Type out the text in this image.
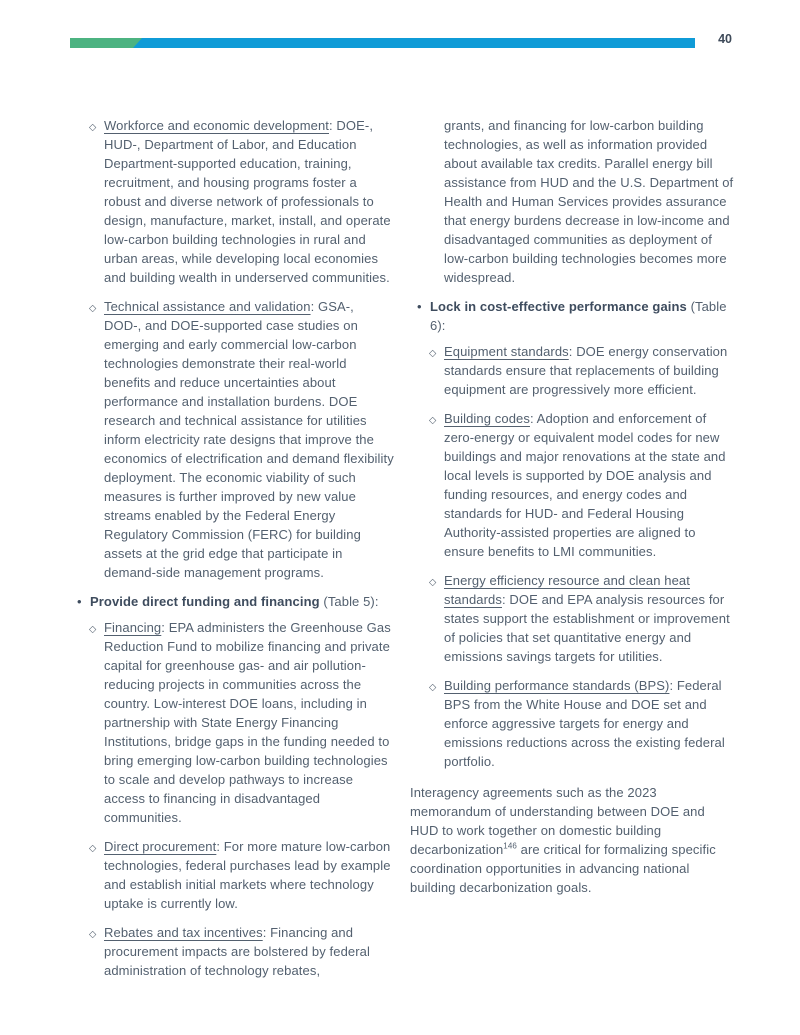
40
◇ Workforce and economic development: DOE-, HUD-, Department of Labor, and Education Department-supported education, training, recruitment, and housing programs foster a robust and diverse network of professionals to design, manufacture, market, install, and operate low-carbon building technologies in rural and urban areas, while developing local economies and building wealth in underserved communities.
◇ Technical assistance and validation: GSA-, DOD-, and DOE-supported case studies on emerging and early commercial low-carbon technologies demonstrate their real-world benefits and reduce uncertainties about performance and installation burdens. DOE research and technical assistance for utilities inform electricity rate designs that improve the economics of electrification and demand flexibility deployment. The economic viability of such measures is further improved by new value streams enabled by the Federal Energy Regulatory Commission (FERC) for building assets at the grid edge that participate in demand-side management programs.
• Provide direct funding and financing (Table 5):
◇ Financing: EPA administers the Greenhouse Gas Reduction Fund to mobilize financing and private capital for greenhouse gas- and air pollution-reducing projects in communities across the country. Low-interest DOE loans, including in partnership with State Energy Financing Institutions, bridge gaps in the funding needed to bring emerging low-carbon building technologies to scale and develop pathways to increase access to financing in disadvantaged communities.
◇ Direct procurement: For more mature low-carbon technologies, federal purchases lead by example and establish initial markets where technology uptake is currently low.
◇ Rebates and tax incentives: Financing and procurement impacts are bolstered by federal administration of technology rebates,
grants, and financing for low-carbon building technologies, as well as information provided about available tax credits. Parallel energy bill assistance from HUD and the U.S. Department of Health and Human Services provides assurance that energy burdens decrease in low-income and disadvantaged communities as deployment of low-carbon building technologies becomes more widespread.
• Lock in cost-effective performance gains (Table 6):
◇ Equipment standards: DOE energy conservation standards ensure that replacements of building equipment are progressively more efficient.
◇ Building codes: Adoption and enforcement of zero-energy or equivalent model codes for new buildings and major renovations at the state and local levels is supported by DOE analysis and funding resources, and energy codes and standards for HUD- and Federal Housing Authority-assisted properties are aligned to ensure benefits to LMI communities.
◇ Energy efficiency resource and clean heat standards: DOE and EPA analysis resources for states support the establishment or improvement of policies that set quantitative energy and emissions savings targets for utilities.
◇ Building performance standards (BPS): Federal BPS from the White House and DOE set and enforce aggressive targets for energy and emissions reductions across the existing federal portfolio.
Interagency agreements such as the 2023 memorandum of understanding between DOE and HUD to work together on domestic building decarbonization$^{146}$ are critical for formalizing specific coordination opportunities in advancing national building decarbonization goals.
